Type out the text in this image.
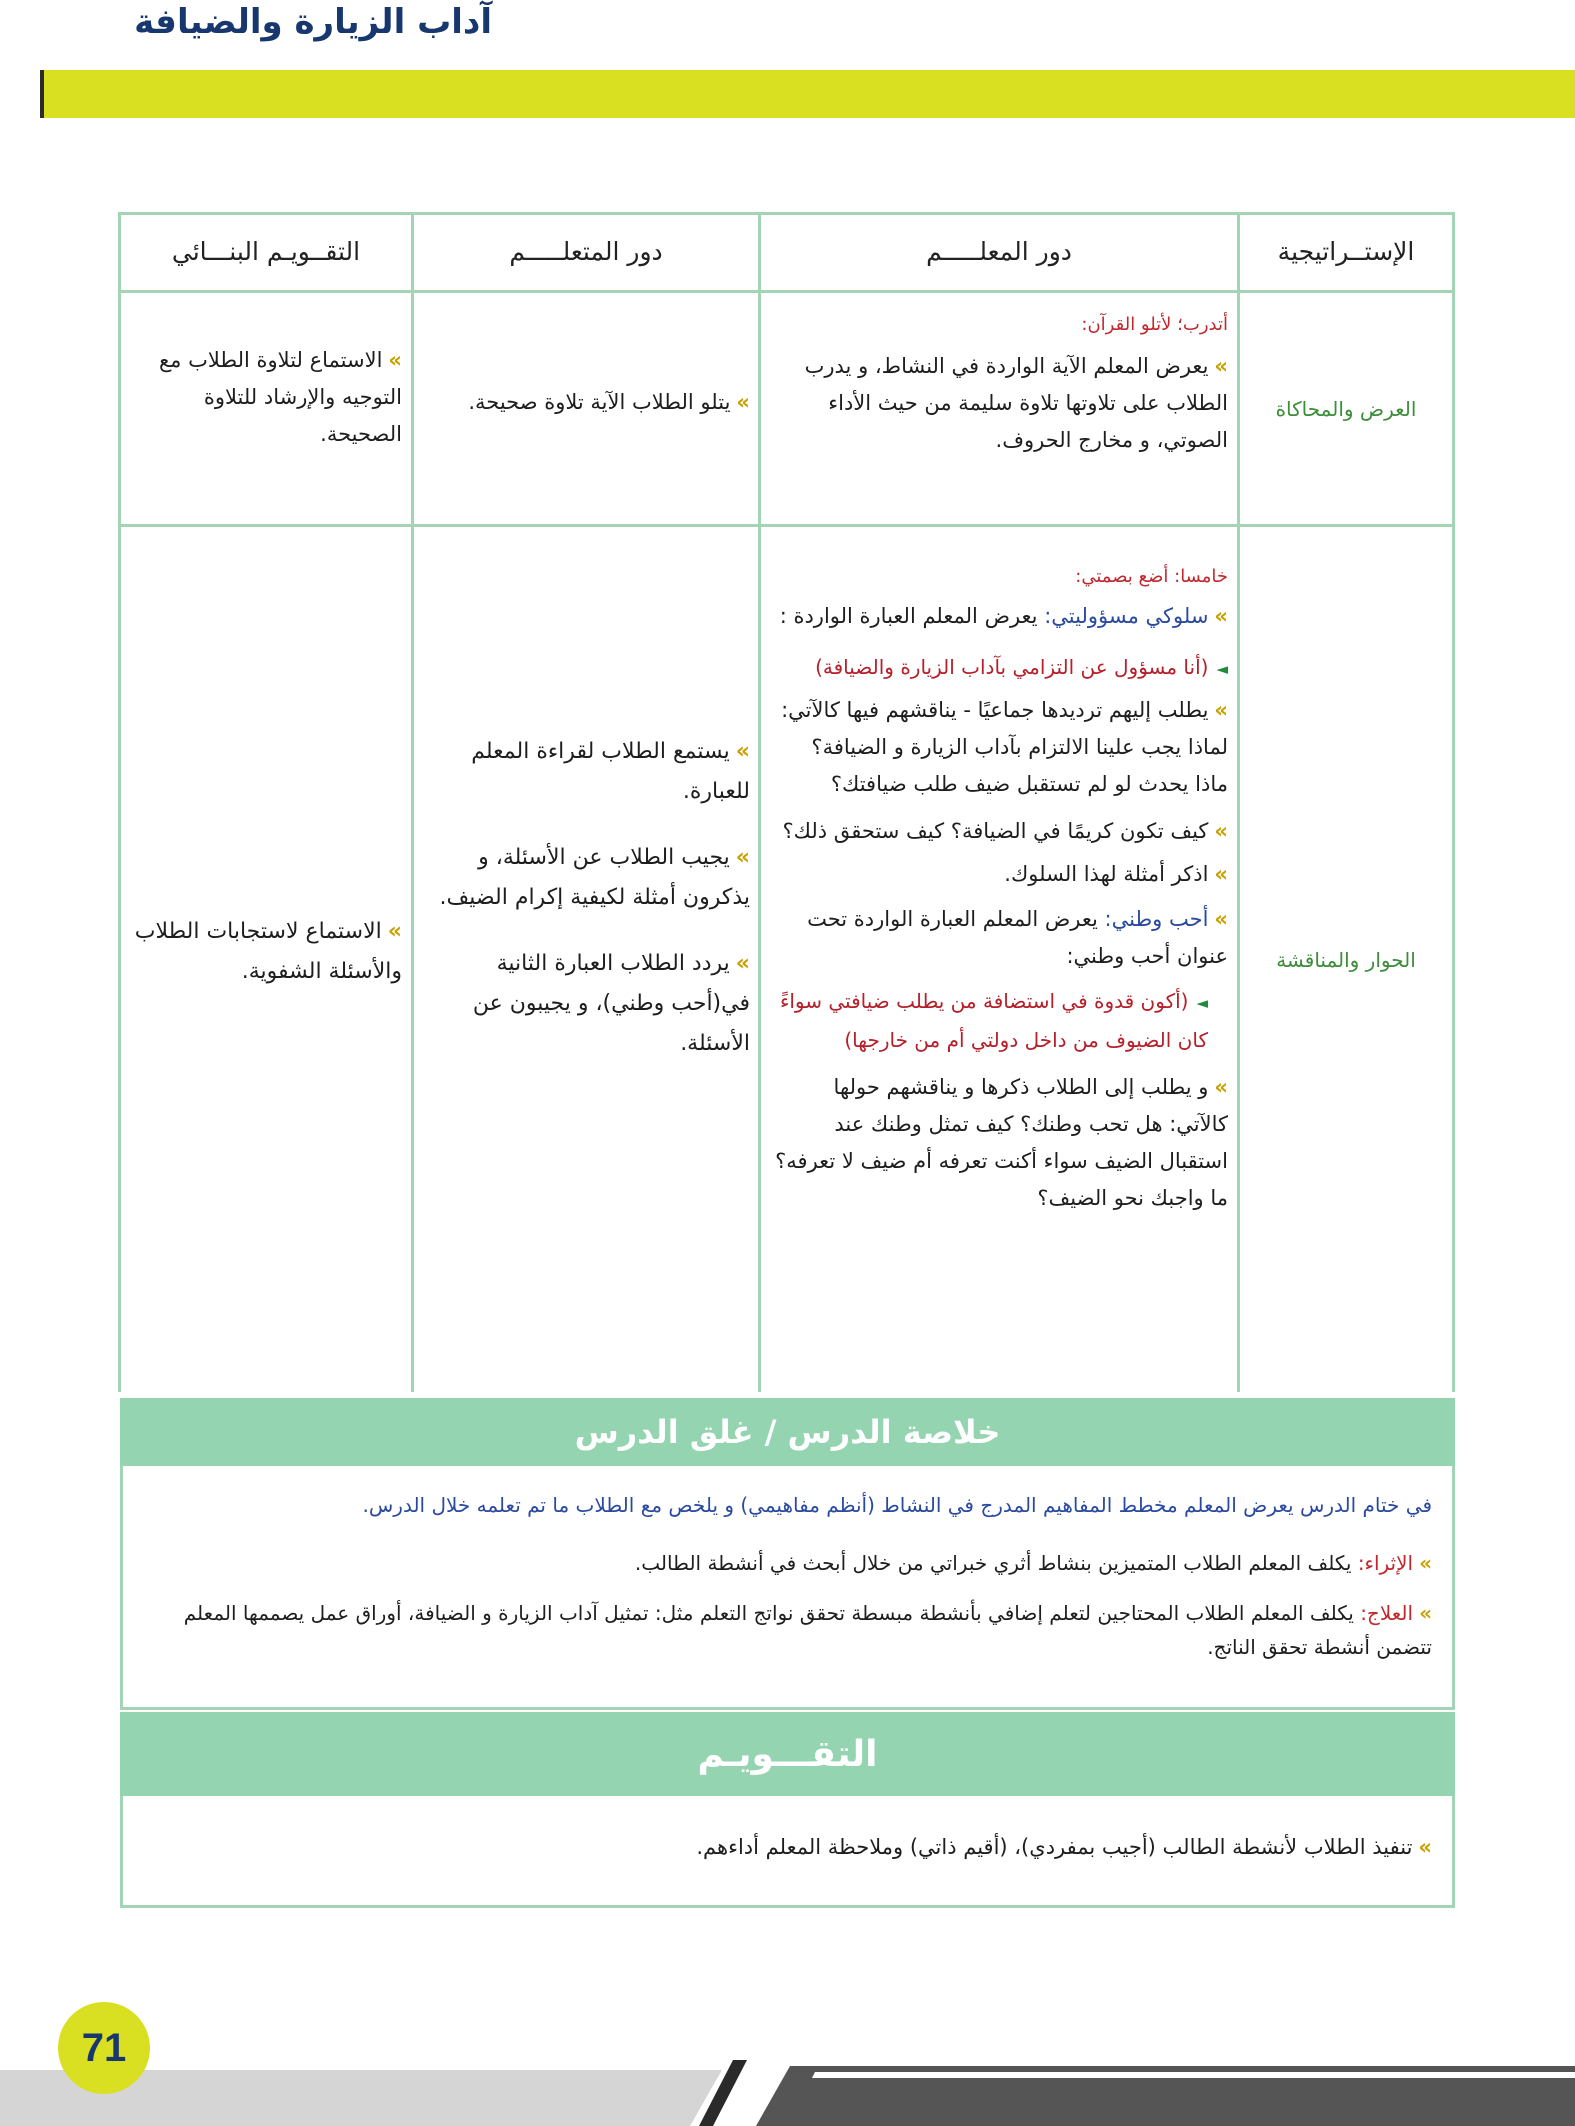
آداب الزيارة والضيافة
الإستــراتيجية
دور المعلـــــم
دور المتعلـــــم
التقــويـم البنـــائي
العرض والمحاكاة
أتدرب؛ لأتلو القرآن:
»يعرض المعلم الآية الواردة في النشاط، و يدرب الطلاب على تلاوتها تلاوة سليمة من حيث الأداء الصوتي، و مخارج الحروف.
»يتلو الطلاب الآية تلاوة صحيحة.
»الاستماع لتلاوة الطلاب مع التوجيه والإرشاد للتلاوة الصحيحة.
الحوار والمناقشة
خامسا: أضع بصمتي:
»سلوكي مسؤوليتي: يعرض المعلم العبارة الواردة :
◄(أنا مسؤول عن التزامي بآداب الزيارة والضيافة)
»يطلب إليهم ترديدها جماعيًا - يناقشهم فيها كالآتي: لماذا يجب علينا الالتزام بآداب الزيارة و الضيافة؟ ماذا يحدث لو لم تستقبل ضيف طلب ضيافتك؟
»كيف تكون كريمًا في الضيافة؟ كيف ستحقق ذلك؟
»اذكر أمثلة لهذا السلوك.
»أحب وطني: يعرض المعلم العبارة الواردة تحت عنوان أحب وطني:
◄(أكون قدوة في استضافة من يطلب ضيافتي سواءً كان الضيوف من داخل دولتي أم من خارجها)
»و يطلب إلى الطلاب ذكرها و يناقشهم حولها كالآتي: هل تحب وطنك؟ كيف تمثل وطنك عند استقبال الضيف سواء أكنت تعرفه أم ضيف لا تعرفه؟ ما واجبك نحو الضيف؟
»يستمع الطلاب لقراءة المعلم للعبارة.
»يجيب الطلاب عن الأسئلة، و يذكرون أمثلة لكيفية إكرام الضيف.
»يردد الطلاب العبارة الثانية في(أحب وطني)، و يجيبون عن الأسئلة.
»الاستماع لاستجابات الطلاب والأسئلة الشفوية.
خلاصة الدرس / غلق الدرس
في ختام الدرس يعرض المعلم مخطط المفاهيم المدرج في النشاط (أنظم مفاهيمي) و يلخص مع الطلاب ما تم تعلمه خلال الدرس.
»الإثراء: يكلف المعلم الطلاب المتميزين بنشاط أثري خبراتي من خلال أبحث في أنشطة الطالب.
»العلاج: يكلف المعلم الطلاب المحتاجين لتعلم إضافي بأنشطة مبسطة تحقق نواتج التعلم مثل: تمثيل آداب الزيارة و الضيافة، أوراق عمل يصممها المعلم تتضمن أنشطة تحقق الناتج.
التقـــويـم
»تنفيذ الطلاب لأنشطة الطالب (أجيب بمفردي)، (أقيم ذاتي) وملاحظة المعلم أداءهم.
71
